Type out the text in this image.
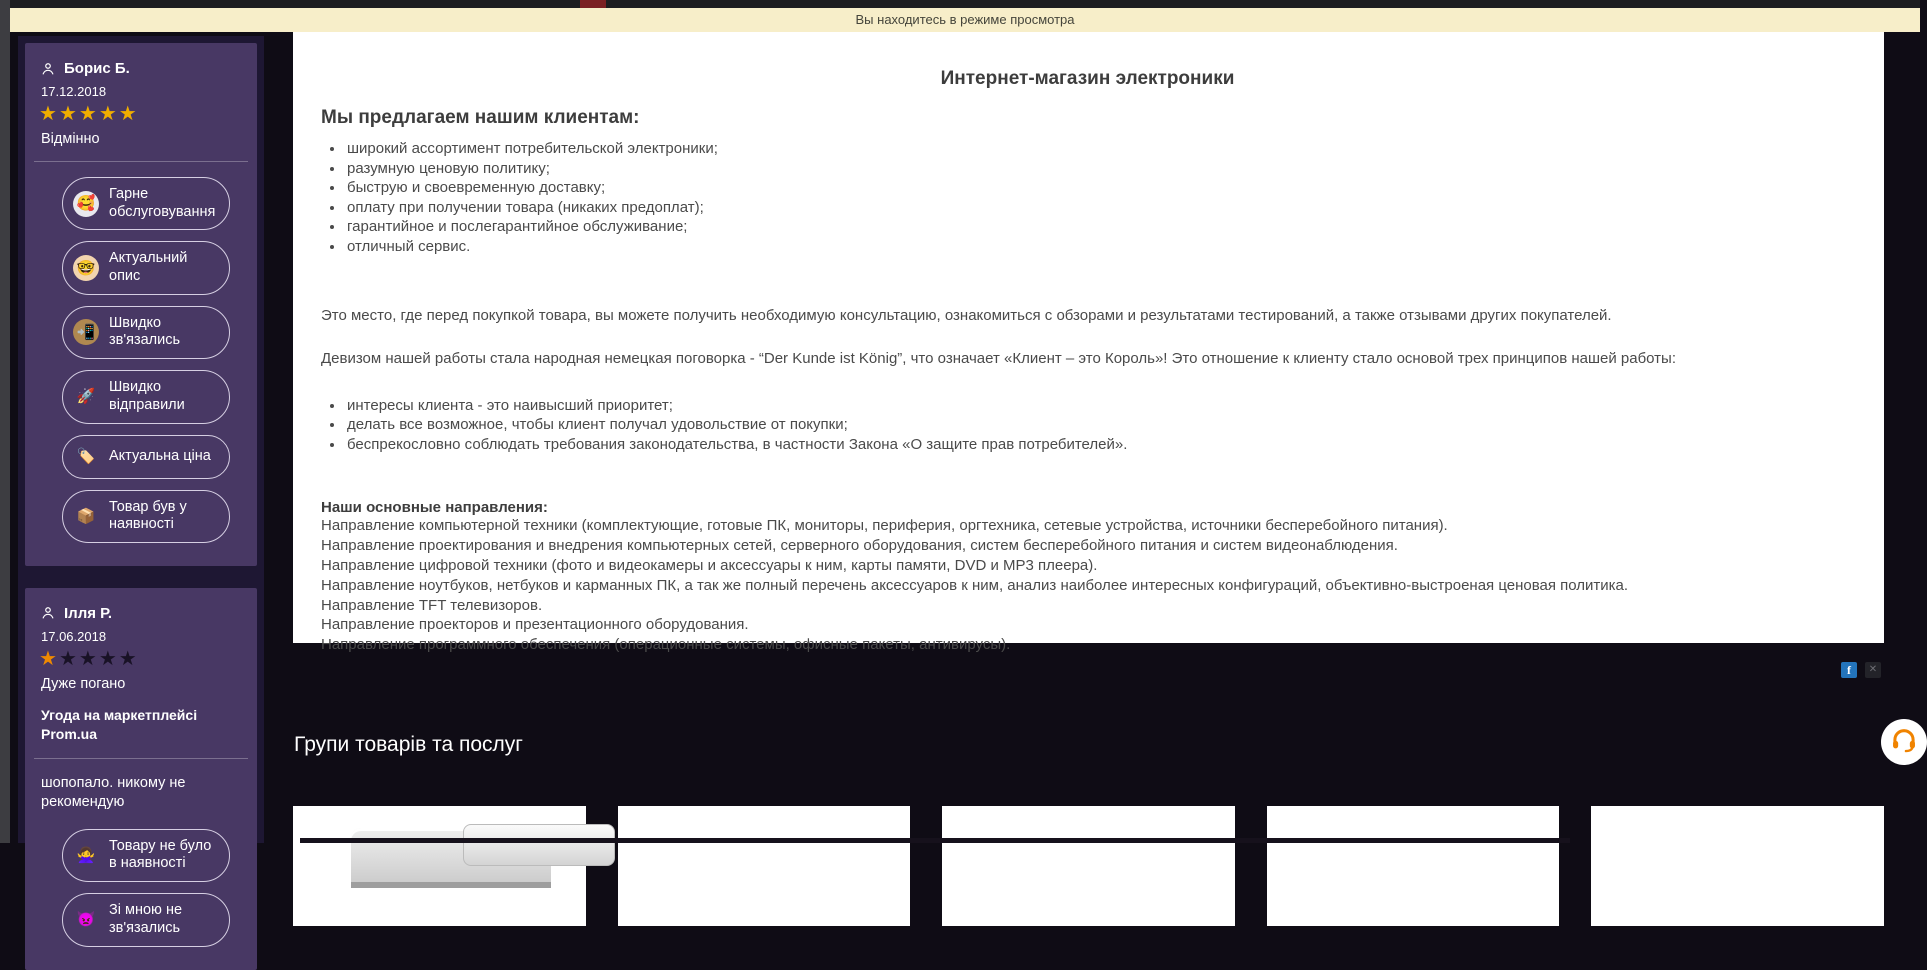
Вы находитесь в режиме просмотра
Борис Б.
17.12.2018
★★★★★
Відмінно
🥰
Гарне обслуговування
🤓
Актуальний опис
📲
Швидко зв'язались
🚀
Швидко відправили
🏷️ Актуальна ціна
📦
Товар був у наявності
Ілля Р.
17.06.2018
★★★★★
Дуже погано
Угода на маркетплейсі Prom.ua
шопопало. никому не рекомендую
🙅‍♀️
Товару не було в наявності
👿
Зі мною не зв'язались
Интернет-магазин электроники
Мы предлагаем нашим клиентам:
• широкий ассортимент потребительской электроники;
• разумную ценовую политику;
• быструю и своевременную доставку;
• оплату при получении товара (никаких предоплат);
• гарантийное и послегарантийное обслуживание;
• отличный сервис.

Это место, где перед покупкой товара, вы можете получить необходимую консультацию, ознакомиться с обзорами и результатами тестирований, а также отзывами других покупателей.

Девизом нашей работы стала народная немецкая поговорка - “Der Kunde ist König”, что означает «Клиент – это Король»! Это отношение к клиенту стало основой трех принципов нашей работы:

• интересы клиента - это наивысший приоритет;
• делать все возможное, чтобы клиент получал удовольствие от покупки;
• беспрекословно соблюдать требования законодательства, в частности Закона «О защите прав потребителей».
Наши основные направления:
Направление компьютерной техники (комплектующие, готовые ПК, мониторы, периферия, оргтехника, сетевые устройства, источники бесперебойного питания).
Направление проектирования и внедрения компьютерных сетей, серверного оборудования, систем бесперебойного питания и систем видеонаблюдения.
Направление цифровой техники (фото и видеокамеры и аксессуары к ним, карты памяти, DVD и MP3 плеера).
Направление ноутбуков, нетбуков и карманных ПК, а так же полный перечень аксессуаров к ним, анализ наиболее интересных конфигураций, объективно-выстроеная ценовая политика.
Направление TFT телевизоров.
Направление проекторов и презентационного оборудования.
Направление программного обеспечения (операционные системы, офисные пакеты, антивирусы).
f	✕
Групи товарів та послуг
